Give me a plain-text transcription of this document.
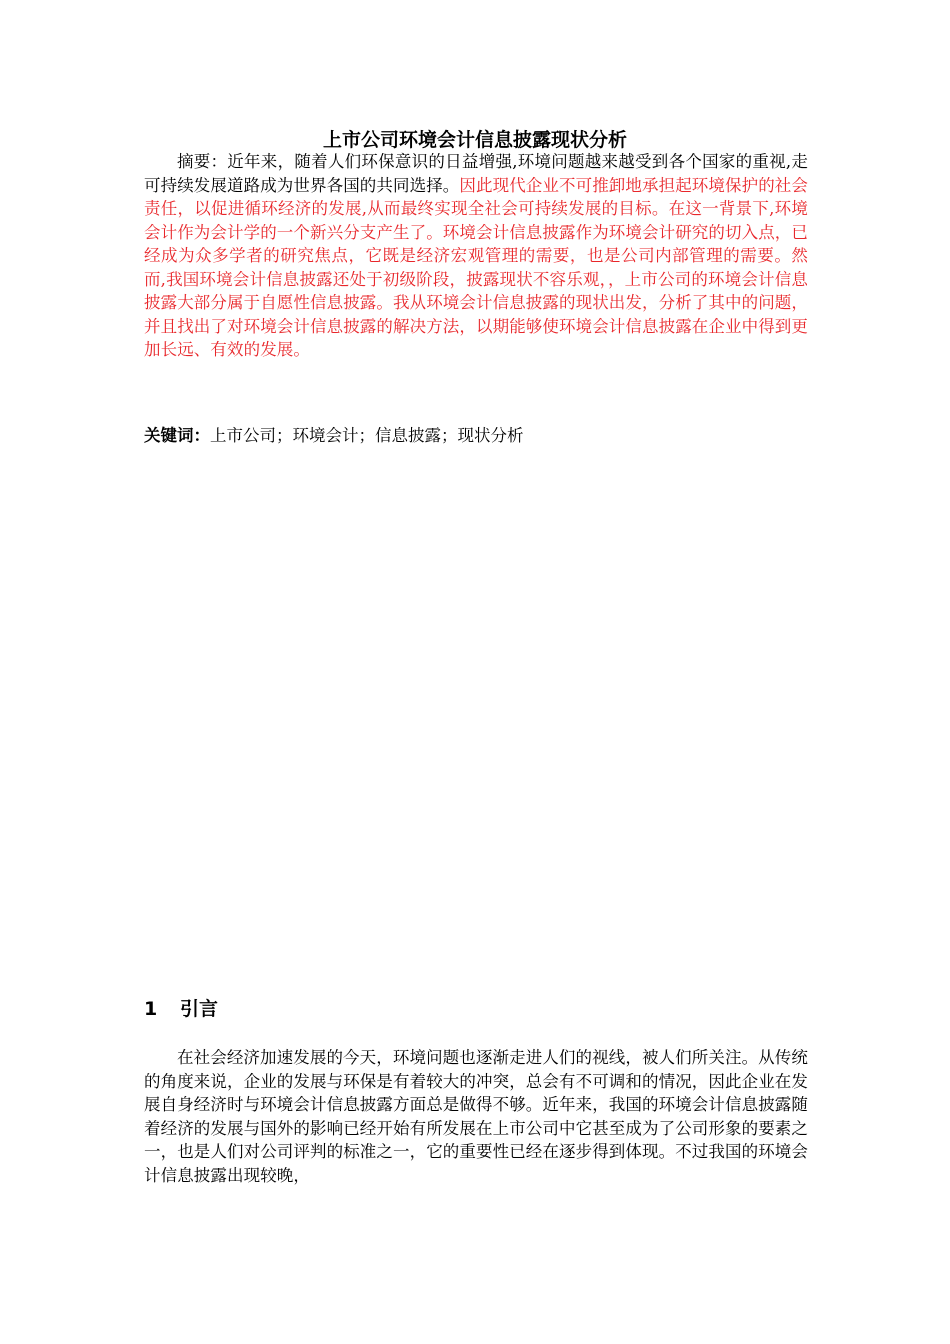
上市公司环境会计信息披露现状分析

摘要：近年来，随着人们环保意识的日益增强,环境问题越来越受到各个国家的重视,走可持续发展道路成为世界各国的共同选择。因此现代企业不可推卸地承担起环境保护的社会责任，以促进循环经济的发展,从而最终实现全社会可持续发展的目标。在这一背景下,环境会计作为会计学的一个新兴分支产生了。环境会计信息披露作为环境会计研究的切入点，已经成为众多学者的研究焦点，它既是经济宏观管理的需要，也是公司内部管理的需要。然而,我国环境会计信息披露还处于初级阶段，披露现状不容乐观，，上市公司的环境会计信息披露大部分属于自愿性信息披露。我从环境会计信息披露的现状出发，分析了其中的问题，并且找出了对环境会计信息披露的解决方法，以期能够使环境会计信息披露在企业中得到更加长远、有效的发展。

关键词：上市公司；环境会计；信息披露；现状分析

1 引言

在社会经济加速发展的今天，环境问题也逐渐走进人们的视线，被人们所关注。从传统的角度来说，企业的发展与环保是有着较大的冲突，总会有不可调和的情况，因此企业在发展自身经济时与环境会计信息披露方面总是做得不够。近年来，我国的环境会计信息披露随着经济的发展与国外的影响已经开始有所发展在上市公司中它甚至成为了公司形象的要素之一，也是人们对公司评判的标准之一，它的重要性已经在逐步得到体现。不过我国的环境会计信息披露出现较晚，
